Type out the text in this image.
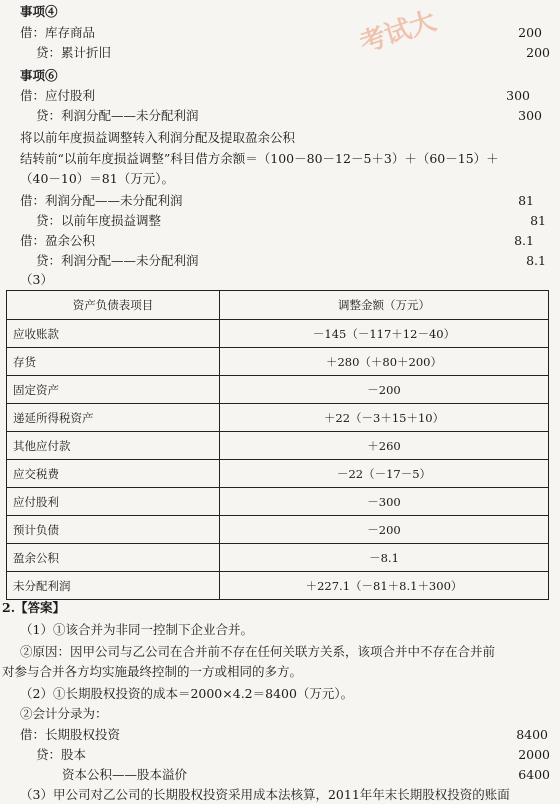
考试大
事项④
借：库存商品	200
贷：累计折旧	200
事项⑥
借：应付股利	300
贷：利润分配——未分配利润	300
将以前年度损益调整转入利润分配及提取盈余公积
结转前“以前年度损益调整”科目借方余额＝（100－80－12－5＋3）＋（60－15）＋
（40－10）＝81（万元）。
借：利润分配——未分配利润	81
贷：以前年度损益调整	81
借：盈余公积	8.1
贷：利润分配——未分配利润	8.1
（3）
资产负债表项目	调整金额（万元）
应收账款	－145（－117＋12－40）
存货	＋280（＋80＋200）
固定资产	－200
递延所得税资产	＋22（－3＋15＋10）
其他应付款	＋260
应交税费	－22（－17－5）
应付股利	－300
预计负债	－200
盈余公积	－8.1
未分配利润	＋227.1（－81＋8.1＋300）
2.【答案】
（1）①该合并为非同一控制下企业合并。
②原因：因甲公司与乙公司在合并前不存在任何关联方关系，该项合并中不存在合并前
对参与合并各方均实施最终控制的一方或相同的多方。
（2）①长期股权投资的成本＝2000×4.2＝8400（万元）。
②会计分录为：
借：长期股权投资	8400
贷：股本	2000
资本公积——股本溢价	6400
（3）甲公司对乙公司的长期股权投资采用成本法核算，2011年年末长期股权投资的账面
